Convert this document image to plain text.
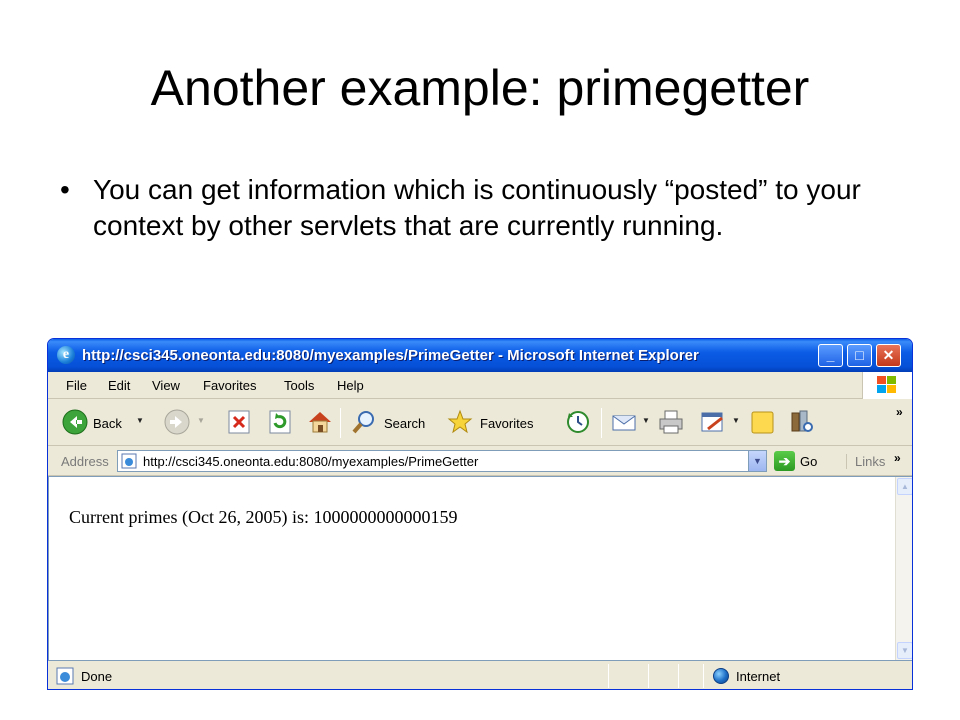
Another example: primegetter
• You can get information which is continuously “posted” to your context by other servlets that are currently running.
e http://csci345.oneonta.edu:8080/myexamples/PrimeGetter - Microsoft Internet Explorer	_	□	✕
File Edit View Favorites Tools Help
Back ▼	▼	Search	Favorites	▼	▼
»
Address	http://csci345.oneonta.edu:8080/myexamples/PrimeGetter	▼	➔ Go	Links »
Current primes (Oct 26, 2005) is: 1000000000000159
▲
▼
Done	Internet
